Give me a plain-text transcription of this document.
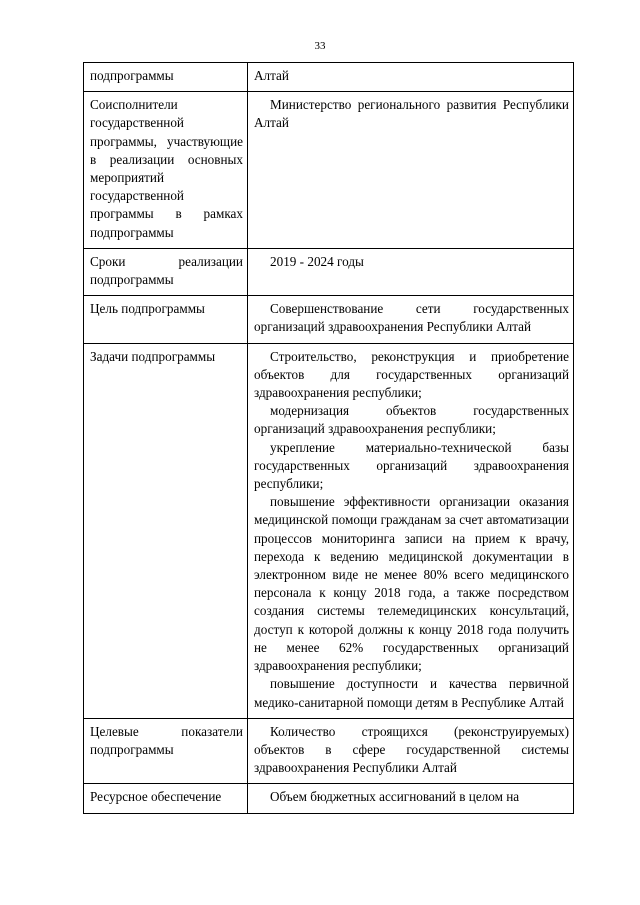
33
подпрограммы	Алтай

Соисполнители государственной программы, участвующие в реализации основных мероприятий государственной программы в рамках подпрограммы	Министерство регионального развития Республики Алтай

Сроки реализации подпрограммы	2019 - 2024 годы

Цель подпрограммы	Совершенствование сети государственных организаций здравоохранения Республики Алтай

Задачи подпрограммы	Строительство, реконструкция и приобретение объектов для государственных организаций здравоохранения республики;
модернизация объектов государственных организаций здравоохранения республики;
укрепление материально-технической базы государственных организаций здравоохранения республики;
повышение эффективности организации оказания медицинской помощи гражданам за счет автоматизации процессов мониторинга записи на прием к врачу, перехода к ведению медицинской документации в электронном виде не менее 80% всего медицинского персонала к концу 2018 года, а также посредством создания системы телемедицинских консультаций, доступ к которой должны к концу 2018 года получить не менее 62% государственных организаций здравоохранения республики;
повышение доступности и качества первичной медико-санитарной помощи детям в Республике Алтай

Целевые показатели подпрограммы	Количество строящихся (реконструируемых) объектов в сфере государственной системы здравоохранения Республики Алтай

Ресурсное обеспечение	Объем бюджетных ассигнований в целом на
